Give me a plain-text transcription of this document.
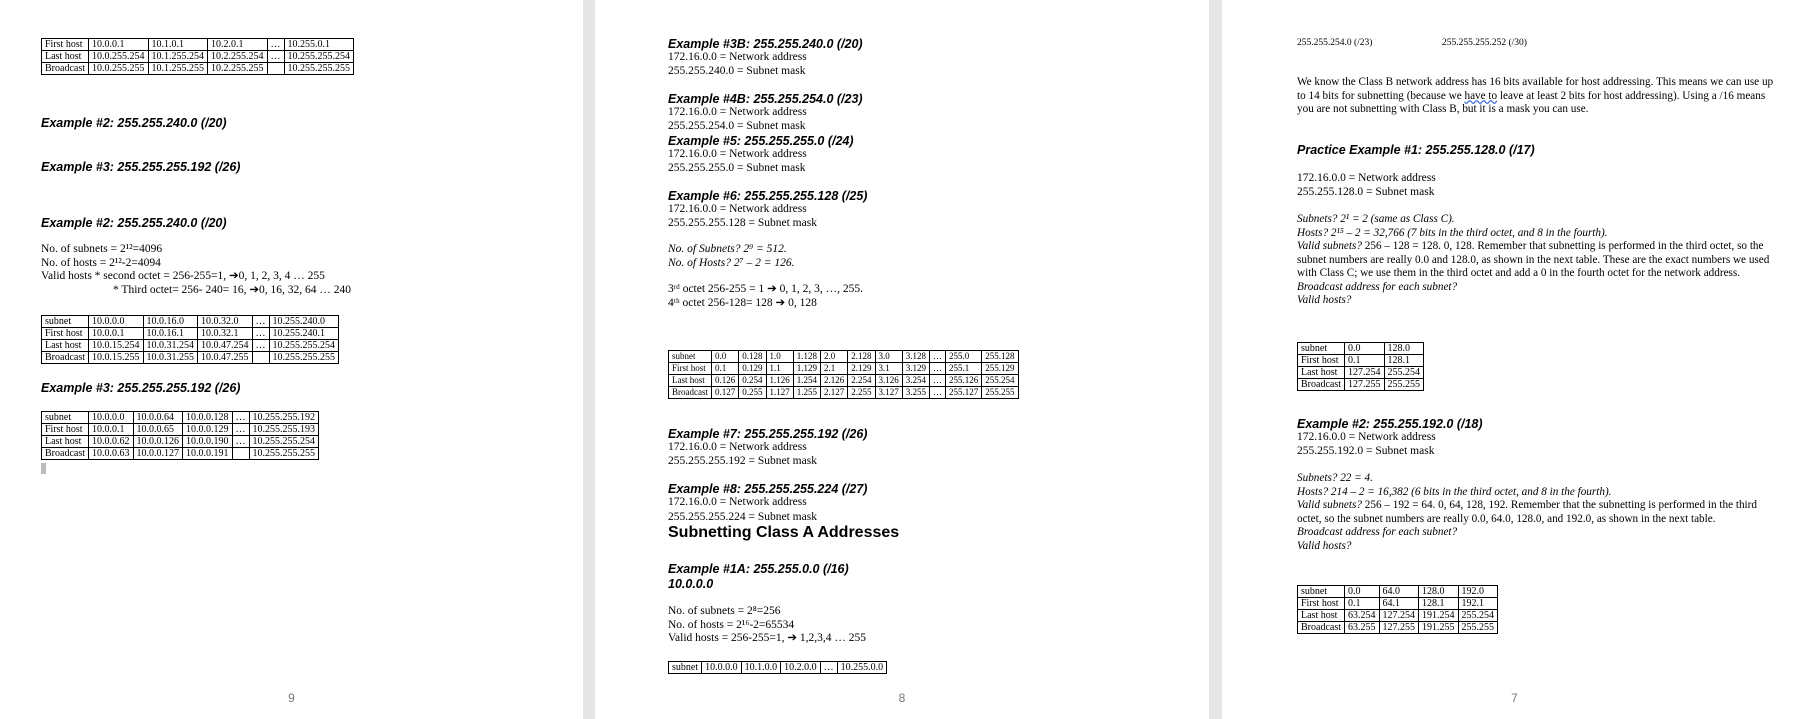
First host	10.0.0.1	10.1.0.1	10.2.0.1	…	10.255.0.1
Last host	10.0.255.254	10.1.255.254	10.2.255.254	…	10.255.255.254
Broadcast	10.0.255.255	10.1.255.255	10.2.255.255		10.255.255.255
Example #2: 255.255.240.0 (/20)
Example #3: 255.255.255.192 (/26)
Example #2: 255.255.240.0 (/20)
No. of subnets = 2¹²=4096
No. of hosts = 2¹²-2=4094
Valid hosts * second octet = 256-255=1, ➔0, 1, 2, 3, 4 … 255
* Third octet= 256- 240= 16, ➔0, 16, 32, 64 … 240
subnet	10.0.0.0	10.0.16.0	10.0.32.0	…	10.255.240.0
First host	10.0.0.1	10.0.16.1	10.0.32.1	…	10.255.240.1
Last host	10.0.15.254	10.0.31.254	10.0.47.254	…	10.255.255.254
Broadcast	10.0.15.255	10.0.31.255	10.0.47.255		10.255.255.255
Example #3: 255.255.255.192 (/26)
subnet	10.0.0.0	10.0.0.64	10.0.0.128	…	10.255.255.192
First host	10.0.0.1	10.0.0.65	10.0.0.129	…	10.255.255.193
Last host	10.0.0.62	10.0.0.126	10.0.0.190	…	10.255.255.254
Broadcast	10.0.0.63	10.0.0.127	10.0.0.191		10.255.255.255
9
Example #3B: 255.255.240.0 (/20)
172.16.0.0 = Network address
255.255.240.0 = Subnet mask
Example #4B: 255.255.254.0 (/23)
172.16.0.0 = Network address
255.255.254.0 = Subnet mask
Example #5: 255.255.255.0 (/24)
172.16.0.0 = Network address
255.255.255.0 = Subnet mask
Example #6: 255.255.255.128 (/25)
172.16.0.0 = Network address
255.255.255.128 = Subnet mask
No. of Subnets? 2⁹ = 512.
No. of Hosts? 2⁷ – 2 = 126.
3ʳᵈ octet 256-255 = 1 ➔ 0, 1, 2, 3, …, 255.
4ᵗʰ octet 256-128= 128 ➔ 0, 128
subnet	0.0	0.128	1.0	1.128	2.0	2.128	3.0	3.128	…	255.0	255.128
First host	0.1	0.129	1.1	1.129	2.1	2.129	3.1	3.129	…	255.1	255.129
Last host	0.126	0.254	1.126	1.254	2.126	2.254	3.126	3.254	…	255.126	255.254
Broadcast	0.127	0.255	1.127	1.255	2.127	2.255	3.127	3.255	…	255.127	255.255
Example #7: 255.255.255.192 (/26)
172.16.0.0 = Network address
255.255.255.192 = Subnet mask
Example #8: 255.255.255.224 (/27)
172.16.0.0 = Network address
Subnetting Class A Addresses
255.255.255.224 = Subnet mask
Example #1A: 255.255.0.0 (/16)
10.0.0.0
No. of subnets = 2⁸=256
No. of hosts = 2¹⁶-2=65534
Valid hosts = 256-255=1, ➔ 1,2,3,4 … 255
subnet	10.0.0.0	10.1.0.0	10.2.0.0	…	10.255.0.0
8
255.255.254.0 (/23)	255.255.255.252 (/30)
We know the Class B network address has 16 bits available for host addressing. This means we can use up to 14 bits for subnetting (because we have to leave at least 2 bits for host addressing). Using a /16 means you are not subnetting with Class B, but it is a mask you can use.
Practice Example #1: 255.255.128.0 (/17)
172.16.0.0 = Network address
255.255.128.0 = Subnet mask
Subnets? 2¹ = 2 (same as Class C).
Hosts? 2¹⁵ – 2 = 32,766 (7 bits in the third octet, and 8 in the fourth).
Valid subnets? 256 – 128 = 128. 0, 128. Remember that subnetting is performed in the third octet, so the subnet numbers are really 0.0 and 128.0, as shown in the next table. These are the exact numbers we used with Class C; we use them in the third octet and add a 0 in the fourth octet for the network address.
Broadcast address for each subnet?
Valid hosts?
subnet	0.0	128.0
First host	0.1	128.1
Last host	127.254	255.254
Broadcast	127.255	255.255
Example #2: 255.255.192.0 (/18)
172.16.0.0 = Network address
255.255.192.0 = Subnet mask
Subnets? 22 = 4.
Hosts? 214 – 2 = 16,382 (6 bits in the third octet, and 8 in the fourth).
Valid subnets? 256 – 192 = 64. 0, 64, 128, 192. Remember that the subnetting is performed in the third octet, so the subnet numbers are really 0.0, 64.0, 128.0, and 192.0, as shown in the next table.
Broadcast address for each subnet?
Valid hosts?
subnet	0.0	64.0	128.0	192.0
First host	0.1	64.1	128.1	192.1
Last host	63.254	127.254	191.254	255.254
Broadcast	63.255	127.255	191.255	255.255
7
